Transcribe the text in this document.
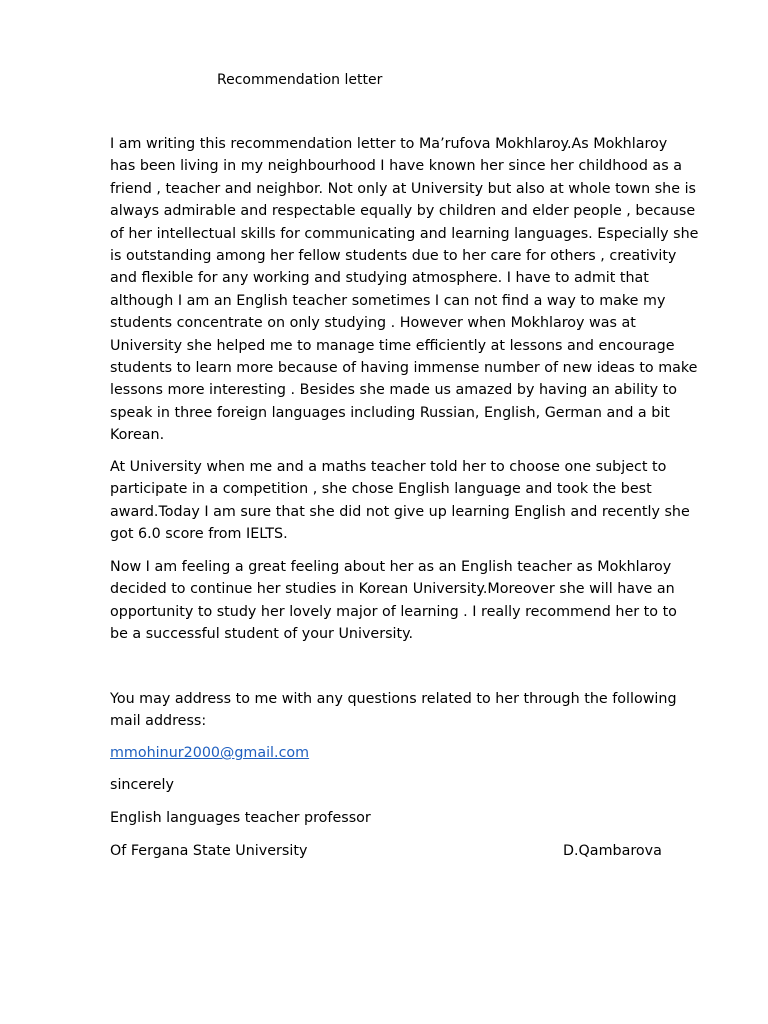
Recommendation letter
I am writing this recommendation letter to Ma’rufova Mokhlaroy.As Mokhlaroy
has been living in my neighbourhood I have known her since her childhood as a
friend , teacher and neighbor. Not only at University but also at whole town she is
always admirable and respectable equally by children and elder people , because
of her intellectual skills for communicating and learning languages. Especially she
is outstanding among her fellow students due to her care for others , creativity
and flexible for any working and studying atmosphere. I have to admit that
although I am an English teacher sometimes I can not find a way to make my
students concentrate on only studying . However when Mokhlaroy was at
University she helped me to manage time efficiently at lessons and encourage
students to learn more because of having immense number of new ideas to make
lessons more interesting . Besides she made us amazed by having an ability to
speak in three foreign languages including Russian, English, German and a bit
Korean.
At University when me and a maths teacher told her to choose one subject to
participate in a competition , she chose English language and took the best
award.Today I am sure that she did not give up learning English and recently she
got 6.0 score from IELTS.
Now I am feeling a great feeling about her as an English teacher as Mokhlaroy
decided to continue her studies in Korean University.Moreover she will have an
opportunity to study her lovely major of learning . I really recommend her to to
be a successful student of your University.
You may address to me with any questions related to her through the following
mail address:
mmohinur2000@gmail.com
sincerely
English languages teacher professor
Of Fergana State University	D.Qambarova
